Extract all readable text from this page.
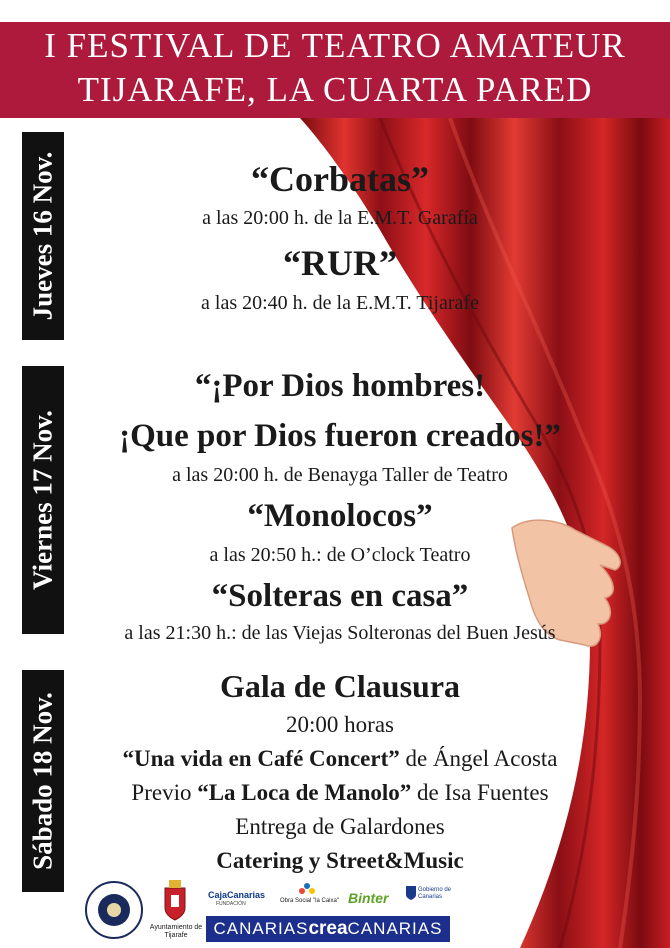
I FESTIVAL DE TEATRO AMATEUR
TIJARAFE, LA CUARTA PARED
Jueves 16 Nov.
Viernes 17 Nov.
Sábado 18 Nov.
“Corbatas”
a las 20:00 h. de la E.M.T. Garafía
“RUR”
a las 20:40 h. de la E.M.T. Tijarafe
“¡Por Dios hombres!
¡Que por Dios fueron creados!”
a las 20:00 h. de Benayga Taller de Teatro
“Monolocos”
a las 20:50 h.: de O’clock Teatro
“Solteras en casa”
a las 21:30 h.: de las Viejas Solteronas del Buen Jesús
Gala de Clausura
20:00 horas
“Una vida en Café Concert” de Ángel Acosta
Previo “La Loca de Manolo” de Isa Fuentes
Entrega de Galardones
Catering y Street&Music
Ayuntamiento de Tijarafe
CajaCanarias
FUNDACIÓN	Obra Social "la Caixa" Binter	Gobierno de Canarias
CANARIAScreaCANARIAS
